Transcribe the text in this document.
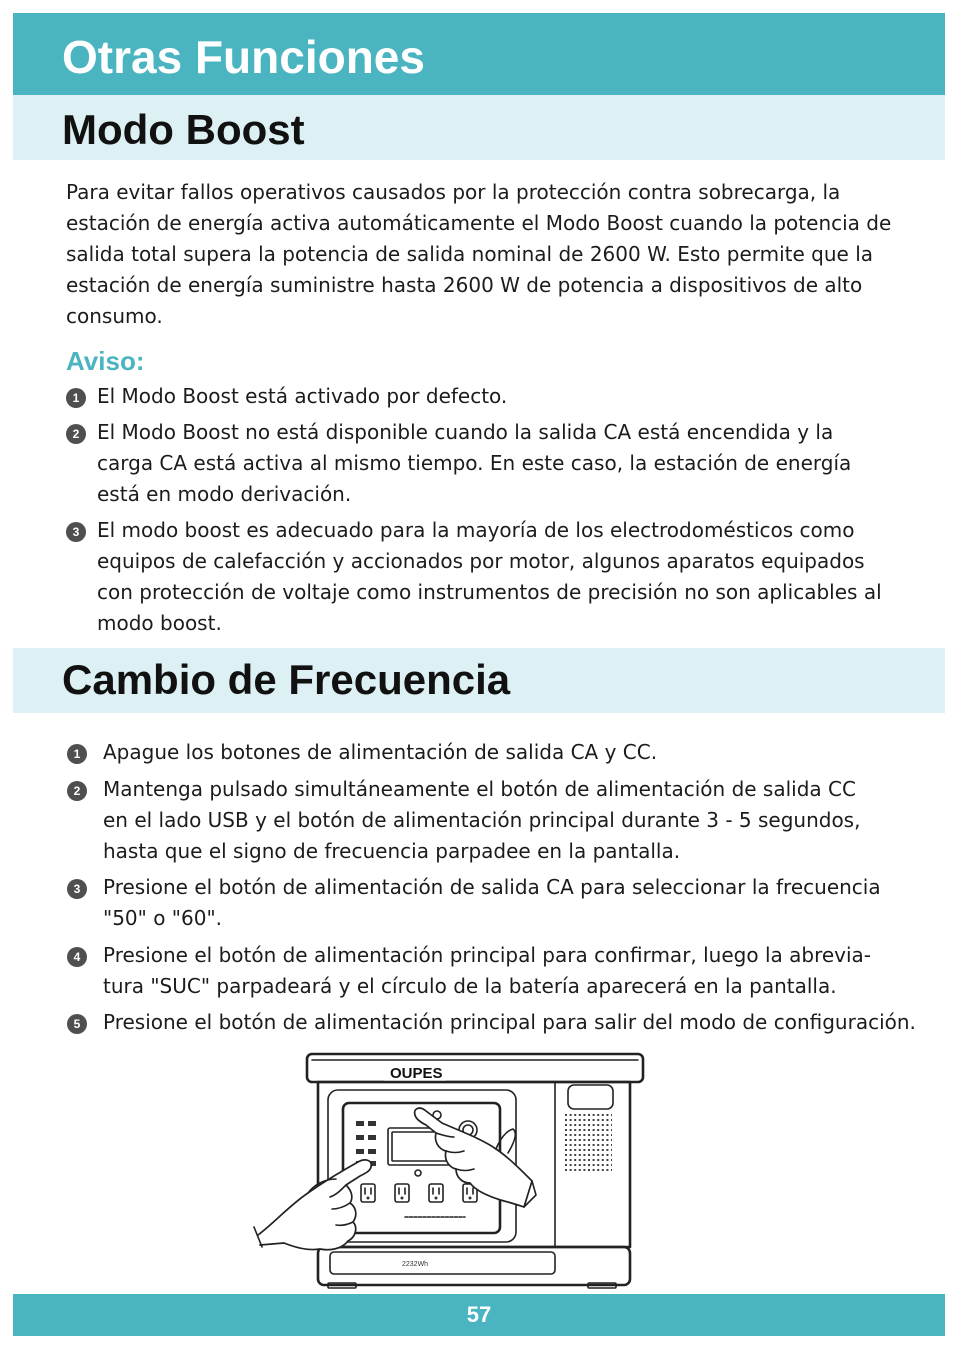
Otras Funciones
Modo Boost
Para evitar fallos operativos causados por la protección contra sobrecarga, la
estación de energía activa automáticamente el Modo Boost cuando la potencia de
salida total supera la potencia de salida nominal de 2600 W. Esto permite que la
estación de energía suministre hasta 2600 W de potencia a dispositivos de alto
consumo.
Aviso:
1 El Modo Boost está activado por defecto.
2 El Modo Boost no está disponible cuando la salida CA está encendida y la
carga CA está activa al mismo tiempo. En este caso, la estación de energía
está en modo derivación.
3 El modo boost es adecuado para la mayoría de los electrodomésticos como
equipos de calefacción y accionados por motor, algunos aparatos equipados
con protección de voltaje como instrumentos de precisión no son aplicables al
modo boost.
Cambio de Frecuencia
1	Apague los botones de alimentación de salida CA y CC.
2	Mantenga pulsado simultáneamente el botón de alimentación de salida CC
en el lado USB y el botón de alimentación principal durante 3 - 5 segundos,
hasta que el signo de frecuencia parpadee en la pantalla.
3	Presione el botón de alimentación de salida CA para seleccionar la frecuencia
"50" o "60".
4	Presione el botón de alimentación principal para confirmar, luego la abrevia-
tura "SUC" parpadeará y el círculo de la batería aparecerá en la pantalla.
5	Presione el botón de alimentación principal para salir del modo de configuración.
OUPES
2232Wh
57
